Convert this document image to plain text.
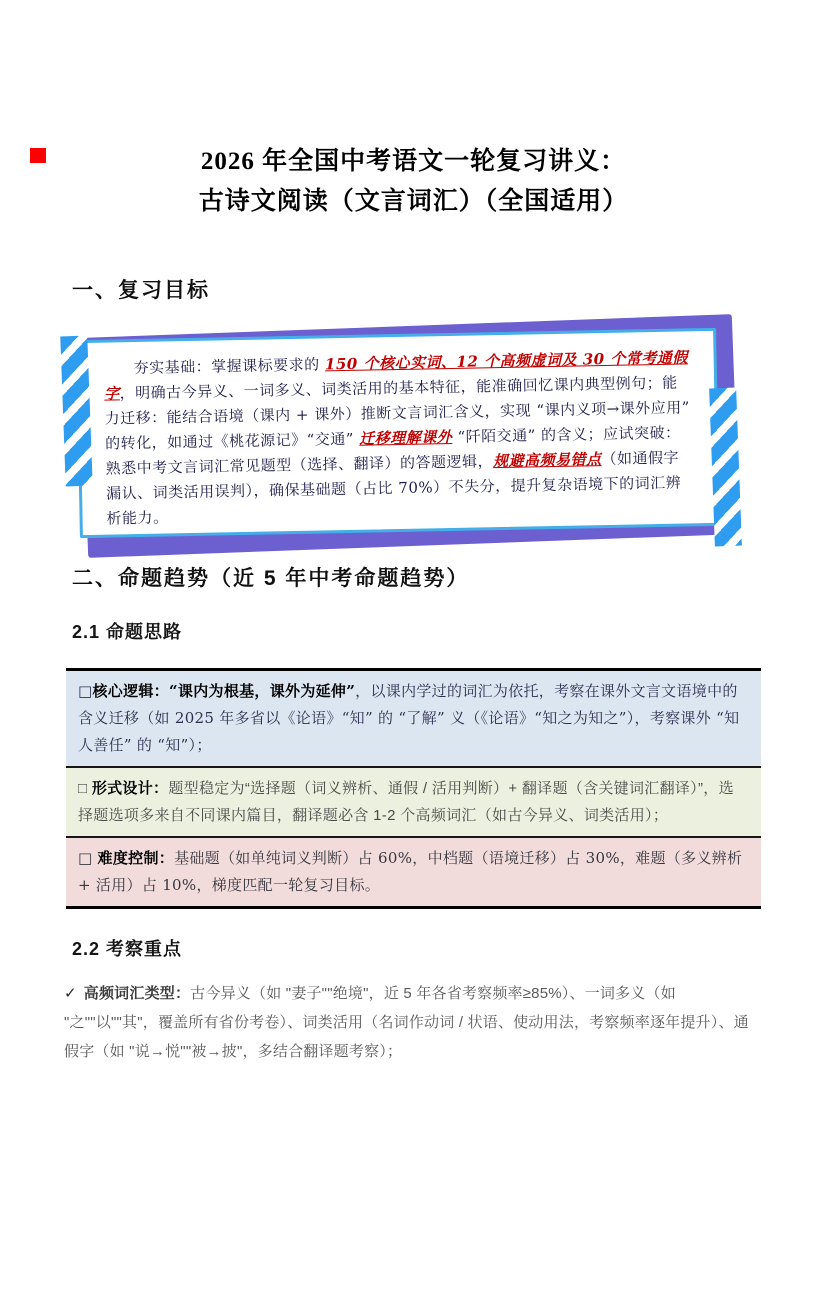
2026 年全国中考语文一轮复习讲义：
古诗文阅读（文言词汇）（全国适用）
一、复习目标

夯实基础：掌握课标要求的 150 个核心实词、12 个高频虚词及 30 个常考通假字，明确古今异义、一词多义、词类活用的基本特征，能准确回忆课内典型例句；能力迁移：能结合语境（课内 + 课外）推断文言词汇含义，实现 “课内义项→课外应用” 的转化，如通过《桃花源记》“交通” 迁移理解课外 “阡陌交通” 的含义；应试突破：熟悉中考文言词汇常见题型（选择、翻译）的答题逻辑，规避高频易错点（如通假字漏认、词类活用误判），确保基础题（占比 70%）不失分，提升复杂语境下的词汇辨析能力。

二、命题趋势（近 5 年中考命题趋势）
2.1 命题思路

□核心逻辑：“课内为根基，课外为延伸”，以课内学过的词汇为依托，考察在课外文言文语境中的含义迁移（如 2025 年多省以《论语》“知” 的 “了解” 义（《论语》“知之为知之”），考察课外 “知人善任” 的 “知”）；

□ 形式设计：题型稳定为“选择题（词义辨析、通假 / 活用判断）+ 翻译题（含关键词汇翻译）”，选择题选项多来自不同课内篇目，翻译题必含 1-2 个高频词汇（如古今异义、词类活用）；

□ 难度控制：基础题（如单纯词义判断）占 60%，中档题（语境迁移）占 30%，难题（多义辨析 + 活用）占 10%，梯度匹配一轮复习目标。

2.2 考察重点

✓ 高频词汇类型：古今异义（如 "妻子""绝境"，近 5 年各省考察频率≥85%）、一词多义（如 "之""以""其"，覆盖所有省份考卷）、词类活用（名词作动词 / 状语、使动用法，考察频率逐年提升）、通假字（如 "说→悦""被→披"，多结合翻译题考察）；
